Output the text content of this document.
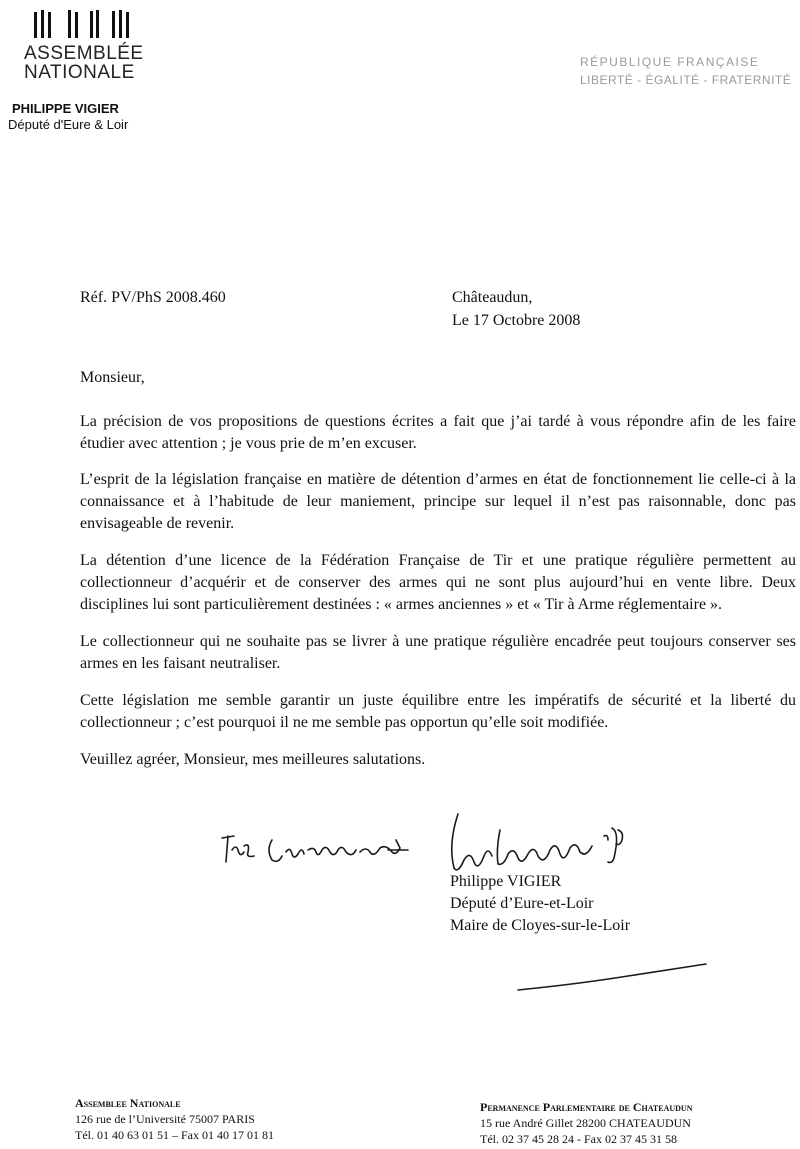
ASSEMBLÉE
NATIONALE
PHILIPPE VIGIER
Député d'Eure & Loir
RÉPUBLIQUE FRANÇAISE
LIBERTÉ - ÉGALITÉ - FRATERNITÉ
Réf. PV/PhS 2008.460	Châteaudun,
Le 17 Octobre 2008
Monsieur,
La précision de vos propositions de questions écrites a fait que j’ai tardé à vous répondre afin de les faire étudier avec attention ; je vous prie de m’en excuser.
L’esprit de la législation française en matière de détention d’armes en état de fonctionnement lie celle-ci à la connaissance et à l’habitude de leur maniement, principe sur lequel il n’est pas raisonnable, donc pas envisageable de revenir.
La détention d’une licence de la Fédération Française de Tir et une pratique régulière permettent au collectionneur d’acquérir et de conserver des armes qui ne sont plus aujourd’hui en vente libre. Deux disciplines lui sont particulièrement destinées : « armes anciennes » et « Tir à Arme réglementaire ».
Le collectionneur qui ne souhaite pas se livrer à une pratique régulière encadrée peut toujours conserver ses armes en les faisant neutraliser.
Cette législation me semble garantir un juste équilibre entre les impératifs de sécurité et la liberté du collectionneur ; c’est pourquoi il ne me semble pas opportun qu’elle soit modifiée.
Veuillez agréer, Monsieur, mes meilleures salutations.
Philippe VIGIER
Député d’Eure-et-Loir
Maire de Cloyes-sur-le-Loir
Assemblee Nationale
126 rue de l’Université 75007 PARIS
Tél. 01 40 63 01 51 – Fax 01 40 17 01 81
Permanence Parlementaire de Chateaudun
15 rue André Gillet 28200 CHATEAUDUN
Tél. 02 37 45 28 24 - Fax 02 37 45 31 58
